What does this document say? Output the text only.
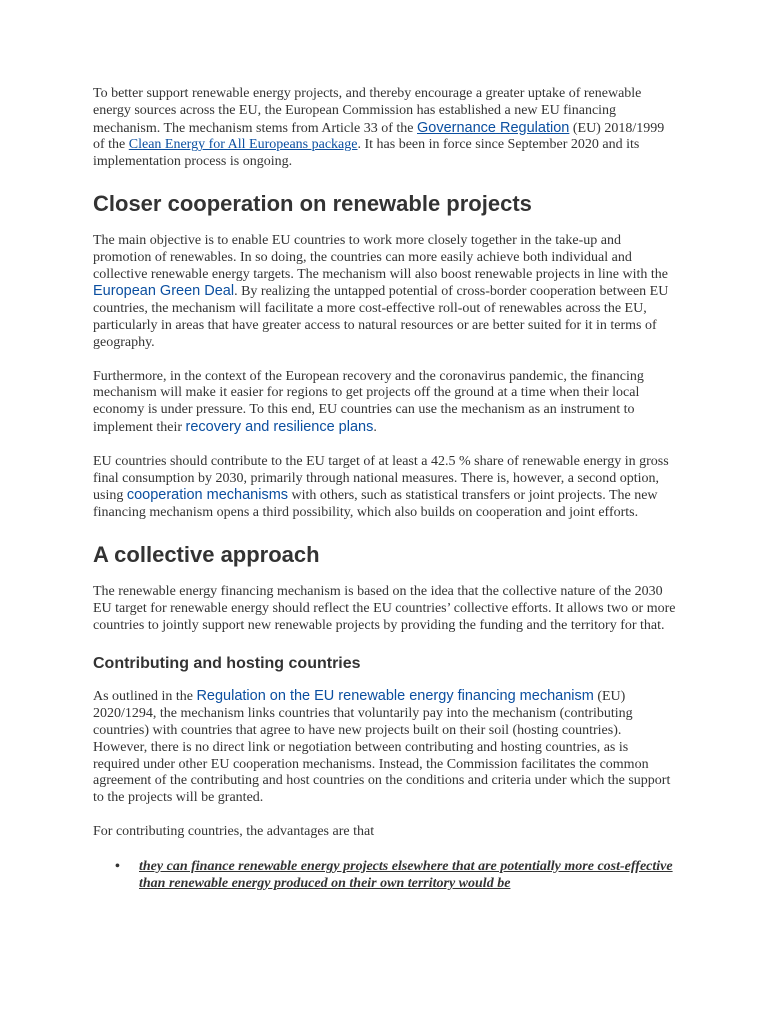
To better support renewable energy projects, and thereby encourage a greater uptake of renewable energy sources across the EU, the European Commission has established a new EU financing mechanism. The mechanism stems from Article 33 of the Governance Regulation (EU) 2018/1999 of the Clean Energy for All Europeans package. It has been in force since September 2020 and its implementation process is ongoing.

Closer cooperation on renewable projects

The main objective is to enable EU countries to work more closely together in the take-up and promotion of renewables. In so doing, the countries can more easily achieve both individual and collective renewable energy targets. The mechanism will also boost renewable projects in line with the European Green Deal. By realizing the untapped potential of cross-border cooperation between EU countries, the mechanism will facilitate a more cost-effective roll-out of renewables across the EU, particularly in areas that have greater access to natural resources or are better suited for it in terms of geography.

Furthermore, in the context of the European recovery and the coronavirus pandemic, the financing mechanism will make it easier for regions to get projects off the ground at a time when their local economy is under pressure. To this end, EU countries can use the mechanism as an instrument to implement their recovery and resilience plans.

EU countries should contribute to the EU target of at least a 42.5 % share of renewable energy in gross final consumption by 2030, primarily through national measures. There is, however, a second option, using cooperation mechanisms with others, such as statistical transfers or joint projects. The new financing mechanism opens a third possibility, which also builds on cooperation and joint efforts.

A collective approach

The renewable energy financing mechanism is based on the idea that the collective nature of the 2030 EU target for renewable energy should reflect the EU countries’ collective efforts. It allows two or more countries to jointly support new renewable projects by providing the funding and the territory for that.

Contributing and hosting countries

As outlined in the Regulation on the EU renewable energy financing mechanism (EU) 2020/1294, the mechanism links countries that voluntarily pay into the mechanism (contributing countries) with countries that agree to have new projects built on their soil (hosting countries). However, there is no direct link or negotiation between contributing and hosting countries, as is required under other EU cooperation mechanisms. Instead, the Commission facilitates the common agreement of the contributing and host countries on the conditions and criteria under which the support to the projects will be granted.

For contributing countries, the advantages are that

• they can finance renewable energy projects elsewhere that are potentially more cost-effective than renewable energy produced on their own territory would be
